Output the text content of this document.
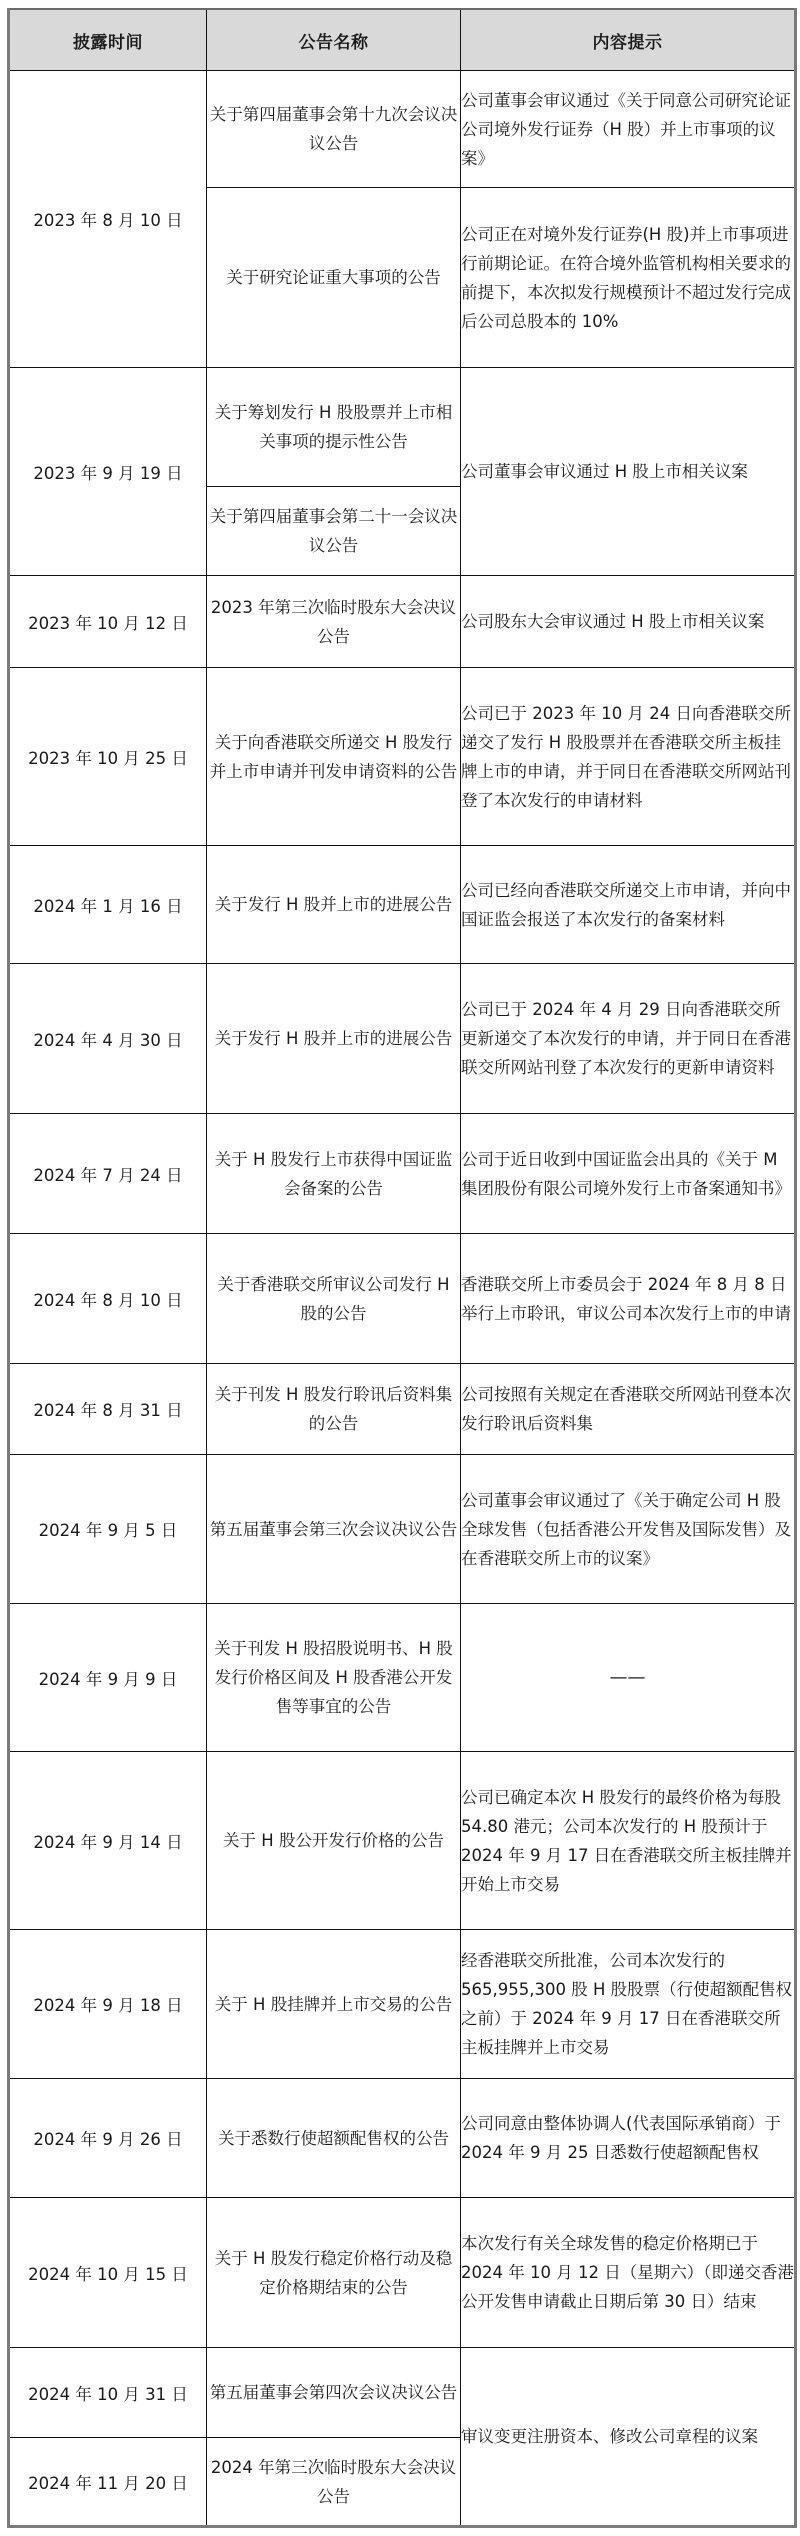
披露时间	公告名称	内容提示
2023 年 8 月 10 日	关于第四届董事会第十九次会议决议公告	公司董事会审议通过《关于同意公司研究论证公司境外发行证券（H 股）并上市事项的议案》
	关于研究论证重大事项的公告	公司正在对境外发行证券(H 股)并上市事项进行前期论证。在符合境外监管机构相关要求的前提下，本次拟发行规模预计不超过发行完成后公司总股本的 10%
2023 年 9 月 19 日	关于筹划发行 H 股股票并上市相关事项的提示性公告	公司董事会审议通过 H 股上市相关议案
	关于第四届董事会第二十一会议决议公告	
2023 年 10 月 12 日	2023 年第三次临时股东大会决议公告	公司股东大会审议通过 H 股上市相关议案
2023 年 10 月 25 日	关于向香港联交所递交 H 股发行并上市申请并刊发申请资料的公告	公司已于 2023 年 10 月 24 日向香港联交所递交了发行 H 股股票并在香港联交所主板挂牌上市的申请，并于同日在香港联交所网站刊登了本次发行的申请材料
2024 年 1 月 16 日	关于发行 H 股并上市的进展公告	公司已经向香港联交所递交上市申请，并向中国证监会报送了本次发行的备案材料
2024 年 4 月 30 日	关于发行 H 股并上市的进展公告	公司已于 2024 年 4 月 29 日向香港联交所更新递交了本次发行的申请，并于同日在香港联交所网站刊登了本次发行的更新申请资料
2024 年 7 月 24 日	关于 H 股发行上市获得中国证监会备案的公告	公司于近日收到中国证监会出具的《关于 M 集团股份有限公司境外发行上市备案通知书》
2024 年 8 月 10 日	关于香港联交所审议公司发行 H 股的公告	香港联交所上市委员会于 2024 年 8 月 8 日举行上市聆讯，审议公司本次发行上市的申请
2024 年 8 月 31 日	关于刊发 H 股发行聆讯后资料集的公告	公司按照有关规定在香港联交所网站刊登本次发行聆讯后资料集
2024 年 9 月 5 日	第五届董事会第三次会议决议公告	公司董事会审议通过了《关于确定公司 H 股全球发售（包括香港公开发售及国际发售）及在香港联交所上市的议案》
2024 年 9 月 9 日	关于刊发 H 股招股说明书、H 股发行价格区间及 H 股香港公开发售等事宜的公告	——
2024 年 9 月 14 日	关于 H 股公开发行价格的公告	公司已确定本次 H 股发行的最终价格为每股 54.80 港元；公司本次发行的 H 股预计于 2024 年 9 月 17 日在香港联交所主板挂牌并开始上市交易
2024 年 9 月 18 日	关于 H 股挂牌并上市交易的公告	经香港联交所批准，公司本次发行的 565,955,300 股 H 股股票（行使超额配售权之前）于 2024 年 9 月 17 日在香港联交所主板挂牌并上市交易
2024 年 9 月 26 日	关于悉数行使超额配售权的公告	公司同意由整体协调人(代表国际承销商）于 2024 年 9 月 25 日悉数行使超额配售权
2024 年 10 月 15 日	关于 H 股发行稳定价格行动及稳定价格期结束的公告	本次发行有关全球发售的稳定价格期已于 2024 年 10 月 12 日（星期六）（即递交香港公开发售申请截止日期后第 30 日）结束
2024 年 10 月 31 日	第五届董事会第四次会议决议公告	审议变更注册资本、修改公司章程的议案
2024 年 11 月 20 日	2024 年第三次临时股东大会决议公告	
